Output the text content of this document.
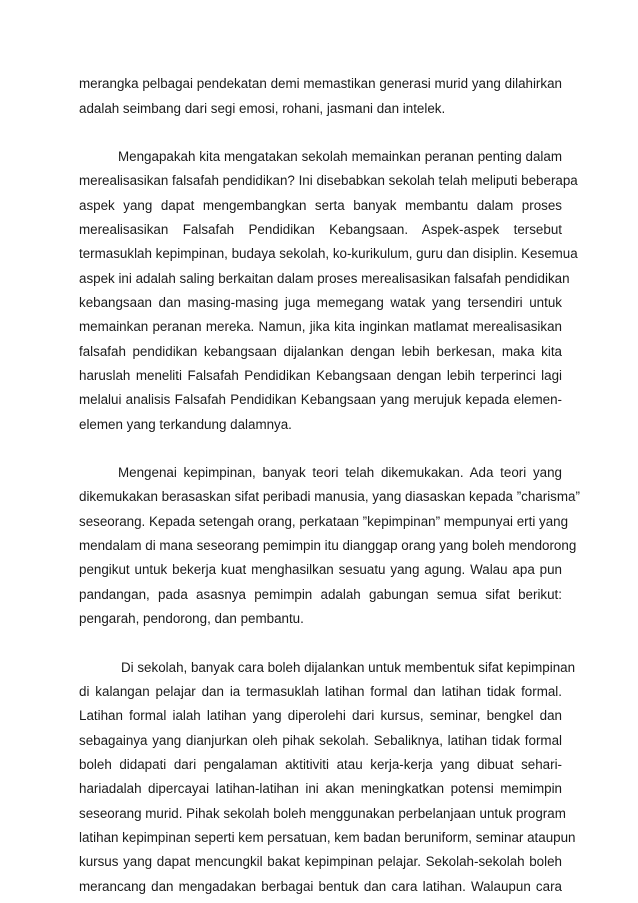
merangka pelbagai pendekatan demi memastikan generasi murid yang dilahirkan
adalah seimbang dari segi emosi, rohani, jasmani dan intelek.
Mengapakah kita mengatakan sekolah memainkan peranan penting dalam
merealisasikan falsafah pendidikan? Ini disebabkan sekolah telah meliputi beberapa
aspek yang dapat mengembangkan serta banyak membantu dalam proses
merealisasikan Falsafah Pendidikan Kebangsaan. Aspek-aspek tersebut
termasuklah kepimpinan, budaya sekolah, ko-kurikulum, guru dan disiplin. Kesemua
aspek ini adalah saling berkaitan dalam proses merealisasikan falsafah pendidikan
kebangsaan dan masing-masing juga memegang watak yang tersendiri untuk
memainkan peranan mereka. Namun, jika kita inginkan matlamat merealisasikan
falsafah pendidikan kebangsaan dijalankan dengan lebih berkesan, maka kita
haruslah meneliti Falsafah Pendidikan Kebangsaan dengan lebih terperinci lagi
melalui analisis Falsafah Pendidikan Kebangsaan yang merujuk kepada elemen-
elemen yang terkandung dalamnya.
Mengenai kepimpinan, banyak teori telah dikemukakan. Ada teori yang
dikemukakan berasaskan sifat peribadi manusia, yang diasaskan kepada ”charisma”
seseorang. Kepada setengah orang, perkataan ”kepimpinan” mempunyai erti yang
mendalam di mana seseorang pemimpin itu dianggap orang yang boleh mendorong
pengikut untuk bekerja kuat menghasilkan sesuatu yang agung. Walau apa pun
pandangan, pada asasnya pemimpin adalah gabungan semua sifat berikut:
pengarah, pendorong, dan pembantu.
Di sekolah, banyak cara boleh dijalankan untuk membentuk sifat kepimpinan
di kalangan pelajar dan ia termasuklah latihan formal dan latihan tidak formal.
Latihan formal ialah latihan yang diperolehi dari kursus, seminar, bengkel dan
sebagainya yang dianjurkan oleh pihak sekolah. Sebaliknya, latihan tidak formal
boleh didapati dari pengalaman aktitiviti atau kerja-kerja yang dibuat sehari-
hariadalah dipercayai latihan-latihan ini akan meningkatkan potensi memimpin
seseorang murid. Pihak sekolah boleh menggunakan perbelanjaan untuk program
latihan kepimpinan seperti kem persatuan, kem badan beruniform, seminar ataupun
kursus yang dapat mencungkil bakat kepimpinan pelajar. Sekolah-sekolah boleh
merancang dan mengadakan berbagai bentuk dan cara latihan. Walaupun cara
